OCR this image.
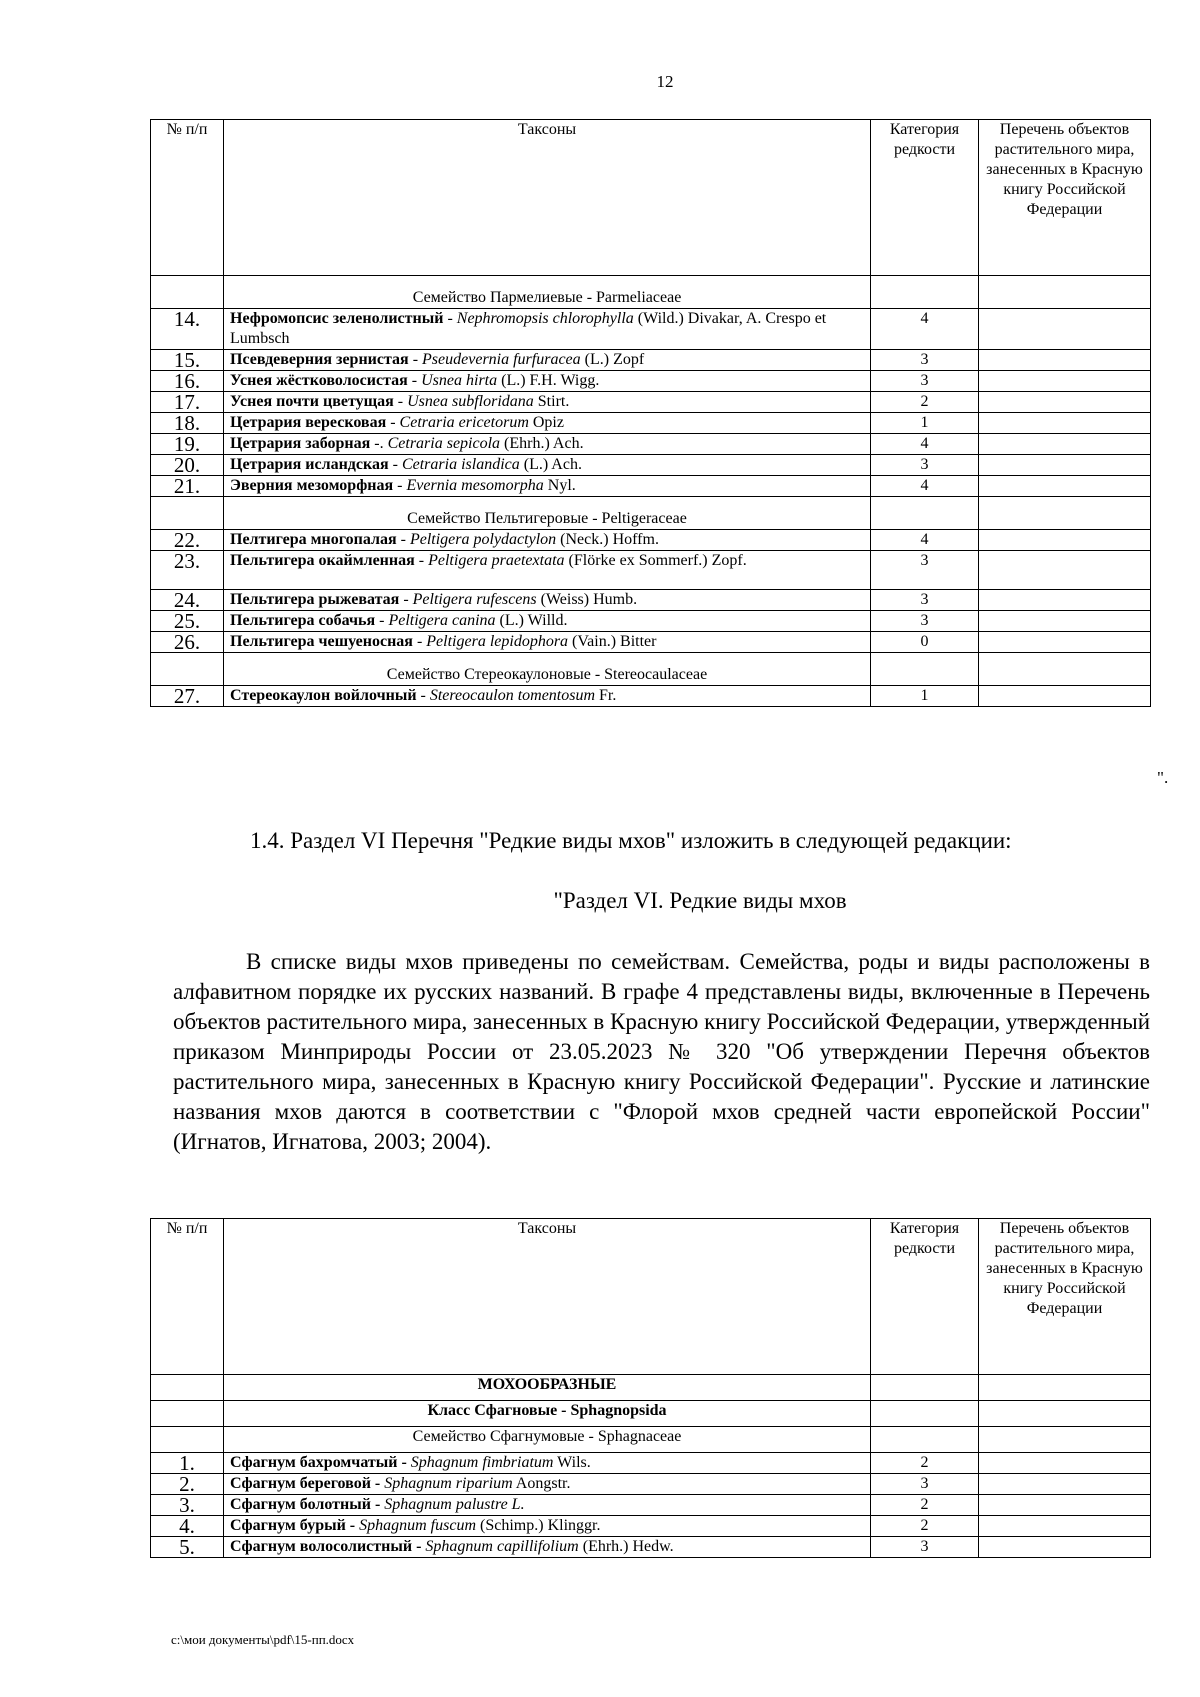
12
№ п/п	Таксоны	Категория редкости	Перечень объектов растительного мира, занесенных в Красную книгу Российской Федерации
	Семейство Пармелиевые - Parmeliaceae		
14.	Нефромопсис зеленолистный - Nephromopsis chlorophylla (Wild.) Divakar, A. Crespo et Lumbsch	4	
15.	Псевдеверния зернистая - Pseudevernia furfuracea (L.) Zopf	3	
16.	Уснея жёстковолосистая - Usnea hirta (L.) F.H. Wigg.	3	
17.	Уснея почти цветущая - Usnea subfloridana Stirt.	2	
18.	Цетрария вересковая - Cetraria ericetorum Opiz	1	
19.	Цетрария заборная -. Cetraria sepicola (Ehrh.) Ach.	4	
20.	Цетрария исландская - Cetraria islandica (L.) Ach.	3	
21.	Эверния мезоморфная - Evernia mesomorpha Nyl.	4	
	Семейство Пельтигеровые - Peltigeraceae		
22.	Пелтигера многопалая - Peltigera polydactylon (Neck.) Hoffm.	4	
23.	Пельтигера окаймленная - Peltigera praetextata (Flörke ex Sommerf.) Zopf.	3	
24.	Пельтигера рыжеватая - Peltigera rufescens (Weiss) Humb.	3	
25.	Пельтигера собачья - Peltigera canina (L.) Willd.	3	
26.	Пельтигера чешуеносная - Peltigera lepidophora (Vain.) Bitter	0	
	Семейство Стереокаулоновые - Stereocaulaceae		
27.	Стереокаулон войлочный - Stereocaulon tomentosum Fr.	1	
".
1.4. Раздел VI Перечня "Редкие виды мхов" изложить в следующей редакции:
"Раздел VI. Редкие виды мхов
В списке виды мхов приведены по семействам. Семейства, роды и виды расположены в алфавитном порядке их русских названий. В графе 4 представлены виды, включенные в Перечень объектов растительного мира, занесенных в Красную книгу Российской Федерации, утвержденный приказом Минприроды России от 23.05.2023 № 320 "Об утверждении Перечня объектов растительного мира, занесенных в Красную книгу Российской Федерации". Русские и латинские названия мхов даются в соответствии с "Флорой мхов средней части европейской России" (Игнатов, Игнатова, 2003; 2004).
№ п/п	Таксоны	Категория редкости	Перечень объектов растительного мира, занесенных в Красную книгу Российской Федерации
	МОХООБРАЗНЫЕ		
	Класс Сфагновые - Sphagnopsida		
	Семейство Сфагнумовые - Sphagnaceae		
1.	Сфагнум бахромчатый - Sphagnum fimbriatum Wils.	2	
2.	Сфагнум береговой - Sphagnum riparium Aongstr.	3	
3.	Сфагнум болотный - Sphagnum palustre L.	2	
4.	Сфагнум бурый - Sphagnum fuscum (Schimp.) Klinggr.	2	
5.	Сфагнум волосолистный - Sphagnum capillifolium (Ehrh.) Hedw.	3	
c:\мои документы\pdf\15-пп.docx
